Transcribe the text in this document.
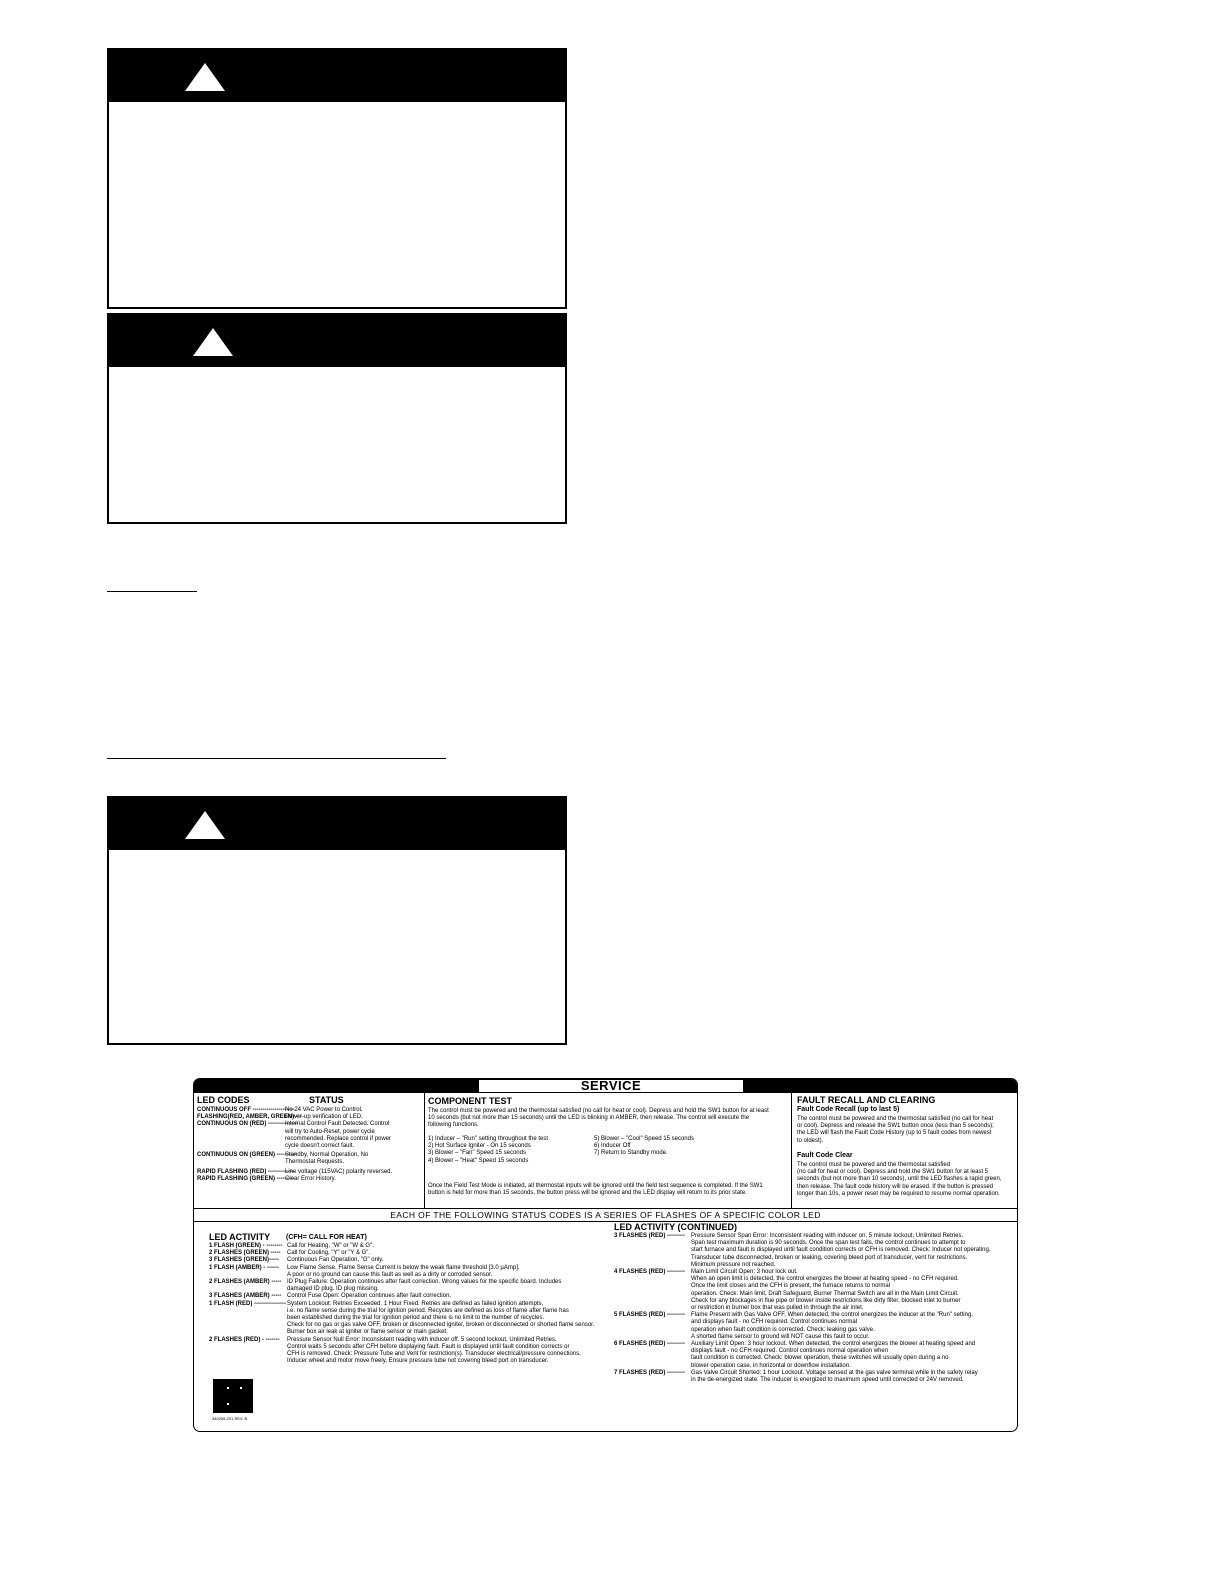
SERVICE
LED CODES	STATUS
CONTINUOUS OFF ---------------------
No 24 VAC Power to Control.
FLASHING(RED, AMBER, GREEN) ---
Power-up verification of LED.
CONTINUOUS ON (RED) ---------------
Internal Control Fault Detected. Control
will try to Auto-Reset, power cycle
recommended. Replace control if power
cycle doesn't correct fault.
CONTINUOUS ON (GREEN) ----------
Standby, Normal Operation, No
Thermostat Requests.
RAPID FLASHING (RED) -------------
Line voltage (115VAC) polarity reversed.
RAPID FLASHING (GREEN) ---------
Clear Error History.
COMPONENT TEST
The control must be powered and the thermostat satisfied (no call for heat or cool). Depress and hold the SW1 button for at least
10 seconds (but not more than 15 seconds) until the LED is blinking in AMBER, then release. The control will execute the
following functions.
1) Inducer – "Run" setting throughout the test
2) Hot Surface Igniter - On 15 seconds
3) Blower – "Fan" Speed 15 seconds
4) Blower – "Heat" Speed 15 seconds
5) Blower – "Cool" Speed 15 seconds
6) Inducer Off
7) Return to Standby mode.
Once the Field Test Mode is initiated, all thermostat inputs will be ignored until the field test sequence is completed. If the SW1
button is held for more than 15 seconds, the button press will be ignored and the LED display will return to its prior state.
FAULT RECALL AND CLEARING
Fault Code Recall (up to last 5)
The control must be powered and the thermostat satisfied (no call for heat
or cool). Depress and release the SW1 button once (less than 5 seconds);
the LED will flash the Fault Code History (up to 5 fault codes from newest
to oldest).
Fault Code Clear
The control must be powered and the thermostat satisfied
(no call for heat or cool). Depress and hold the SW1 button for at least 5
seconds (but not more than 10 seconds), until the LED flashes a rapid green,
then release. The fault code history will be erased. If the button is pressed
longer than 10s, a power reset may be required to resume normal operation.
EACH OF THE FOLLOWING STATUS CODES IS A SERIES OF FLASHES OF A SPECIFIC COLOR LED
LED ACTIVITY (CFH= CALL FOR HEAT)
1 FLASH (GREEN) - -------- Call for Heating, "W" or "W & G".
2 FLASHES (GREEN) ----- Call for Cooling, "Y" or "Y & G".
3 FLASHES (GREEN)----- Continuous Fan Operation, "G" only.
1 FLASH (AMBER) - ------ Low Flame Sense. Flame Sense Current is below the weak flame threshold [3.0 µAmp].
A poor or no ground can cause this fault as well as a dirty or corroded sensor.
2 FLASHES (AMBER) ----- ID Plug Failure: Operation continues after fault correction. Wrong values for the specific board. Includes
damaged ID plug. ID plug missing.
3 FLASHES (AMBER) ----- Control Fuse Open: Operation continues after fault correction.
1 FLASH (RED) ---------------- System Lockout: Retries Exceeded. 1 Hour Fixed. Retries are defined as failed ignition attempts,
i.e. no flame sense during the trial for ignition period. Recycles are defined as loss of flame after flame has
been established during the trial for ignition period and there is no limit to the number of recycles.
Check for no gas or gas valve OFF, broken or disconnected igniter, broken or disconnected or shorted flame sensor.
Burner box air leak at igniter or flame sensor or main gasket.
2 FLASHES (RED) - ------- Pressure Sensor Null Error: Inconsistent reading with inducer off. 5 second lockout, Unlimited Retries.
Control waits 5 seconds after CFH before displaying fault. Fault is displayed until fault condition corrects or
CFH is removed. Check: Pressure Tube and Vent for restriction(s). Transducer electrical/pressure connections,
Inducer wheel and motor move freely, Ensure pressure tube not covering bleed port on transducer.
340265-201 REV. B
LED ACTIVITY (CONTINUED)
3 FLASHES (RED) --------- Pressure Sensor Span Error: Inconsistent reading with inducer on, 5 minute lockout, Unlimited Retries.
Span test maximum duration is 90 seconds. Once the span test fails, the control continues to attempt to
start furnace and fault is displayed until fault condition corrects or CFH is removed. Check: Inducer not operating.
Transducer tube disconnected, broken or leaking, covering bleed port of transducer, vent for restrictions.
Minimum pressure not reached.
4 FLASHES (RED) --------- Main Limit Circuit Open: 3 hour lock out.
When an open limit is detected, the control energizes the blower at heating speed - no CFH required.
Once the limit closes and the CFH is present, the furnace returns to normal
operation. Check: Main limit, Draft Safeguard, Burner Thermal Switch are all in the Main Limit Circuit.
Check for any blockages in flue pipe or blower inside restrictions like dirty filter, blocked inlet to burner
or restriction in burner box that was pulled in through the air inlet.
5 FLASHES (RED) --------- Flame Present with Gas Valve OFF, When detected, the control energizes the inducer at the "Run" setting,
and displays fault - no CFH required. Control continues normal
operation when fault condition is corrected. Check: leaking gas valve.
A shorted flame sensor to ground will NOT cause this fault to occur.
6 FLASHES (RED) --------- Auxiliary Limit Open: 3 hour lockout. When detected, the control energizes the blower at heating speed and
displays fault - no CFH required. Control continues normal operation when
fault condition is corrected. Check: blower operation, these switches will usually open during a no
blower operation case, in horizontal or downflow installation.
7 FLASHES (RED) --------- Gas Valve Circuit Shorted: 1 hour Lockout. Voltage sensed at the gas valve terminal while in the safety relay
in the de-energized state. The inducer is energized to maximum speed until corrected or 24V removed.
